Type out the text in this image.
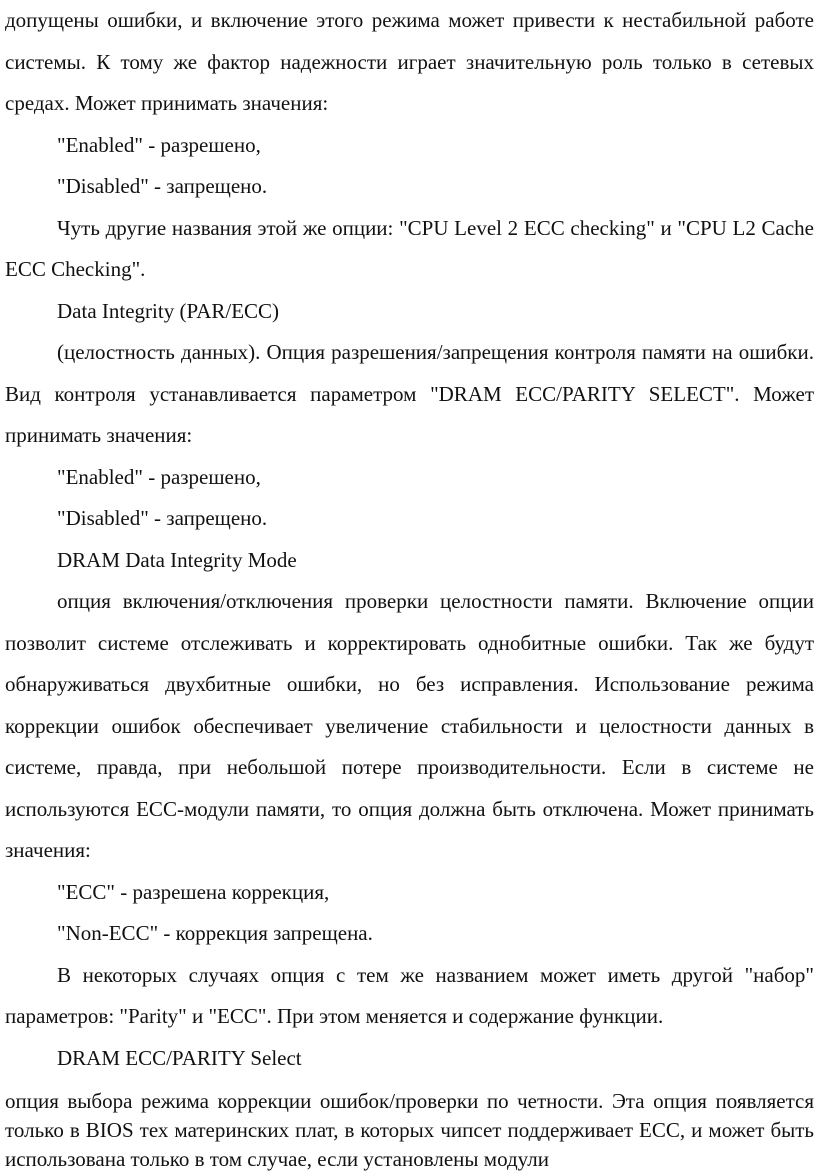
допущены ошибки, и включение этого режима может привести к нестабильной работе системы. К тому же фактор надежности играет значительную роль только в сетевых средах. Может принимать значения:

"Enabled" - разрешено,

"Disabled" - запрещено.

Чуть другие названия этой же опции: "CPU Level 2 ECC checking" и "CPU L2 Cache ECC Checking".

Data Integrity (PAR/ECC)

(целостность данных). Опция разрешения/запрещения контроля памяти на ошибки. Вид контроля устанавливается параметром "DRAM ECC/PARITY SELECT". Может принимать значения:

"Enabled" - разрешено,

"Disabled" - запрещено.

DRAM Data Integrity Mode

опция включения/отключения проверки целостности памяти. Включение опции позволит системе отслеживать и корректировать однобитные ошибки. Так же будут обнаруживаться двухбитные ошибки, но без исправления. Использование режима коррекции ошибок обеспечивает увеличение стабильности и целостности данных в системе, правда, при небольшой потере производительности. Если в системе не используются ECC-модули памяти, то опция должна быть отключена. Может принимать значения:

"ECC" - разрешена коррекция,

"Non-ECC" - коррекция запрещена.

В некоторых случаях опция с тем же названием может иметь другой "набор" параметров: "Parity" и "ECC". При этом меняется и содержание функции.

DRAM ECC/PARITY Select

опция выбора режима коррекции ошибок/проверки по четности. Эта опция появляется только в BIOS тех материнских плат, в которых чипсет поддерживает ECC, и может быть использована только в том случае, если установлены модули
